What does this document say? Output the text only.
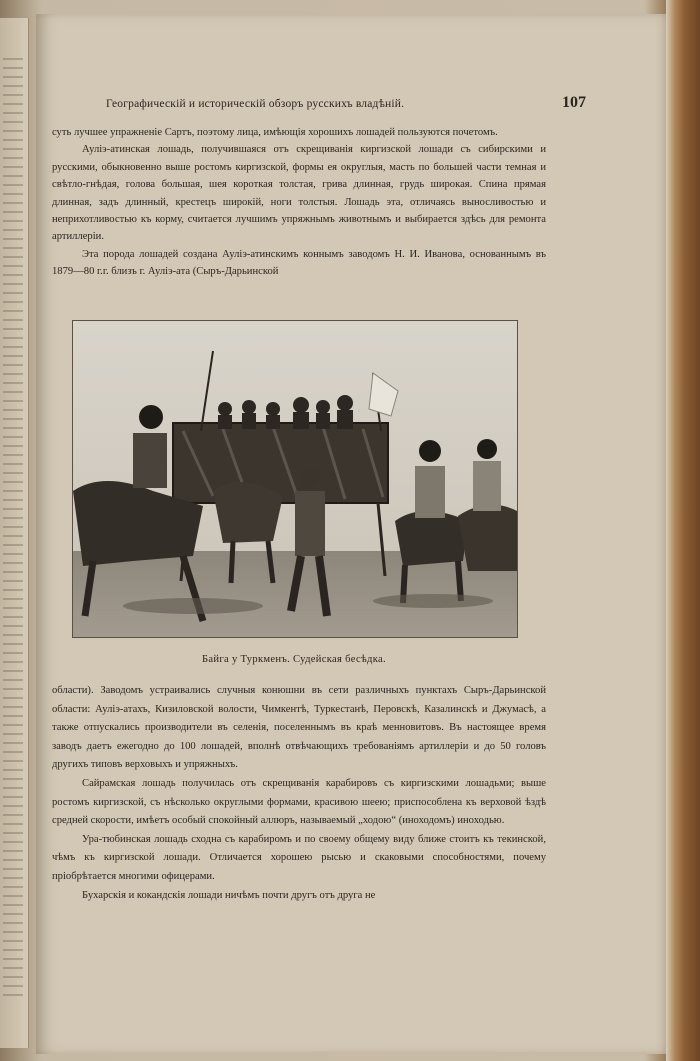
Географическій и историческій обзоръ русскихъ владѣній.	107

суть лучшее упражненіе Сартъ, поэтому лица, имѣющія хорошихъ лошадей пользуются почетомъ.

Ауліэ-атинская лошадь, получившаяся отъ скрещиванія киргизской лошади съ сибирскими и русскими, обыкновенно выше ростомъ киргизской, формы ея округлыя, масть по большей части темная и свѣтло-гнѣдая, голова большая, шея короткая толстая, грива длинная, грудь широкая. Спина прямая длинная, задъ длинный, крестецъ широкій, ноги толстыя. Лошадь эта, отличаясь выносливостью и неприхотливостью къ корму, считается лучшимъ упряжнымъ животнымъ и выбирается здѣсь для ремонта артиллеріи.

Эта порода лошадей создана Ауліэ-атинскимъ коннымъ заводомъ Н. И. Ивановa, основаннымъ въ 1879—80 г.г. близъ г. Ауліэ-ата (Сыръ-Дарьинской

Байга у Туркменъ. Судейская бесѣдка.

области). Заводомъ устраивались случныя конюшни въ сети различныхъ пунктахъ Сыръ-Дарьинской области: Ауліэ-атахъ, Кизиловской волости, Чимкентѣ, Туркестанѣ, Перовскѣ, Казалинскѣ и Джумасѣ, а также отпускались производители въ селенія, поселеннымъ въ краѣ менновитовъ. Въ настоящее время заводъ даетъ ежегодно до 100 лошадей, вполнѣ отвѣчающихъ требованіямъ артиллеріи и до 50 головъ другихъ типовъ верховыхъ и упряжныхъ.

Сайрамская лошадь получилась отъ скрещиванія карабировъ съ киргизскими лошадьми; выше ростомъ киргизской, съ нѣсколько округлыми формами, красивою шеею; приспособлена къ верховой ѣздѣ средней скорости, имѣетъ особый спокойный аллюръ, называемый „ходою“ (иноходомъ) иноходью.

Ура-тюбинская лошадь сходна съ карабиромъ и по своему общему виду ближе стоитъ къ текинской, чѣмъ къ киргизской лошади. Отличается хорошею рысью и скаковыми способностями, почему пріобрѣтается многими офицерами.

Бухарскія и кокандскія лошади ничѣмъ почти другъ отъ друга не
